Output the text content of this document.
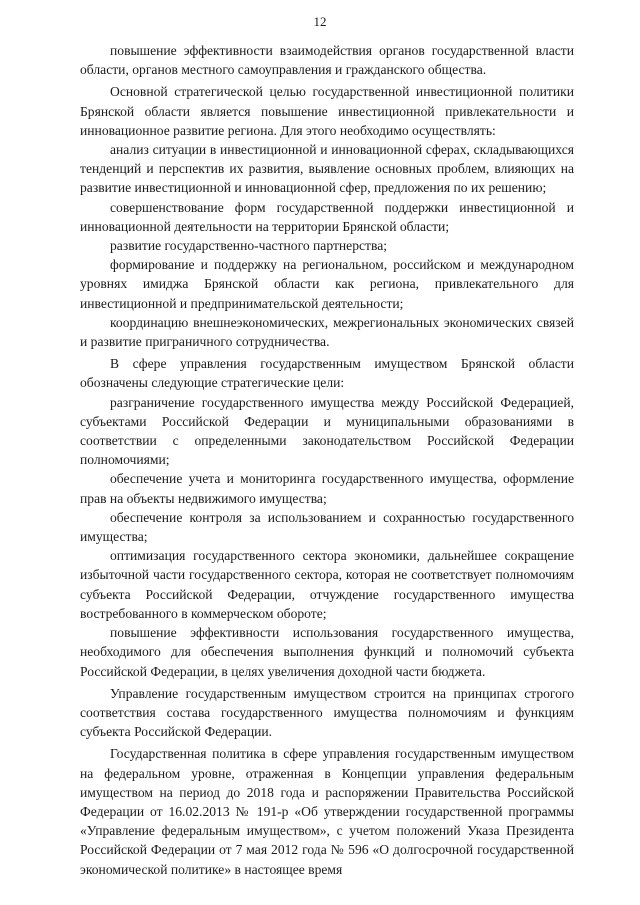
12

повышение эффективности взаимодействия органов государственной власти области, органов местного самоуправления и гражданского общества.

Основной стратегической целью государственной инвестиционной политики Брянской области является повышение инвестиционной привлекательности и инновационное развитие региона. Для этого необходимо осуществлять:

анализ ситуации в инвестиционной и инновационной сферах, складывающихся тенденций и перспектив их развития, выявление основных проблем, влияющих на развитие инвестиционной и инновационной сфер, предложения по их решению;

совершенствование форм государственной поддержки инвестиционной и инновационной деятельности на территории Брянской области;

развитие государственно-частного партнерства;

формирование и поддержку на региональном, российском и международном уровнях имиджа Брянской области как региона, привлекательного для инвестиционной и предпринимательской деятельности;

координацию внешнеэкономических, межрегиональных экономических связей и развитие приграничного сотрудничества.

В сфере управления государственным имуществом Брянской области обозначены следующие стратегические цели:

разграничение государственного имущества между Российской Федерацией, субъектами Российской Федерации и муниципальными образованиями в соответствии с определенными законодательством Российской Федерации полномочиями;

обеспечение учета и мониторинга государственного имущества, оформление прав на объекты недвижимого имущества;

обеспечение контроля за использованием и сохранностью государственного имущества;

оптимизация государственного сектора экономики, дальнейшее сокращение избыточной части государственного сектора, которая не соответствует полномочиям субъекта Российской Федерации, отчуждение государственного имущества востребованного в коммерческом обороте;

повышение эффективности использования государственного имущества, необходимого для обеспечения выполнения функций и полномочий субъекта Российской Федерации, в целях увеличения доходной части бюджета.

Управление государственным имуществом строится на принципах строгого соответствия состава государственного имущества полномочиям и функциям субъекта Российской Федерации.

Государственная политика в сфере управления государственным имуществом на федеральном уровне, отраженная в Концепции управления федеральным имуществом на период до 2018 года и распоряжении Правительства Российской Федерации от 16.02.2013 № 191-р «Об утверждении государственной программы «Управление федеральным имуществом», с учетом положений Указа Президента Российской Федерации от 7 мая 2012 года № 596 «О долгосрочной государственной экономической политике» в настоящее время
